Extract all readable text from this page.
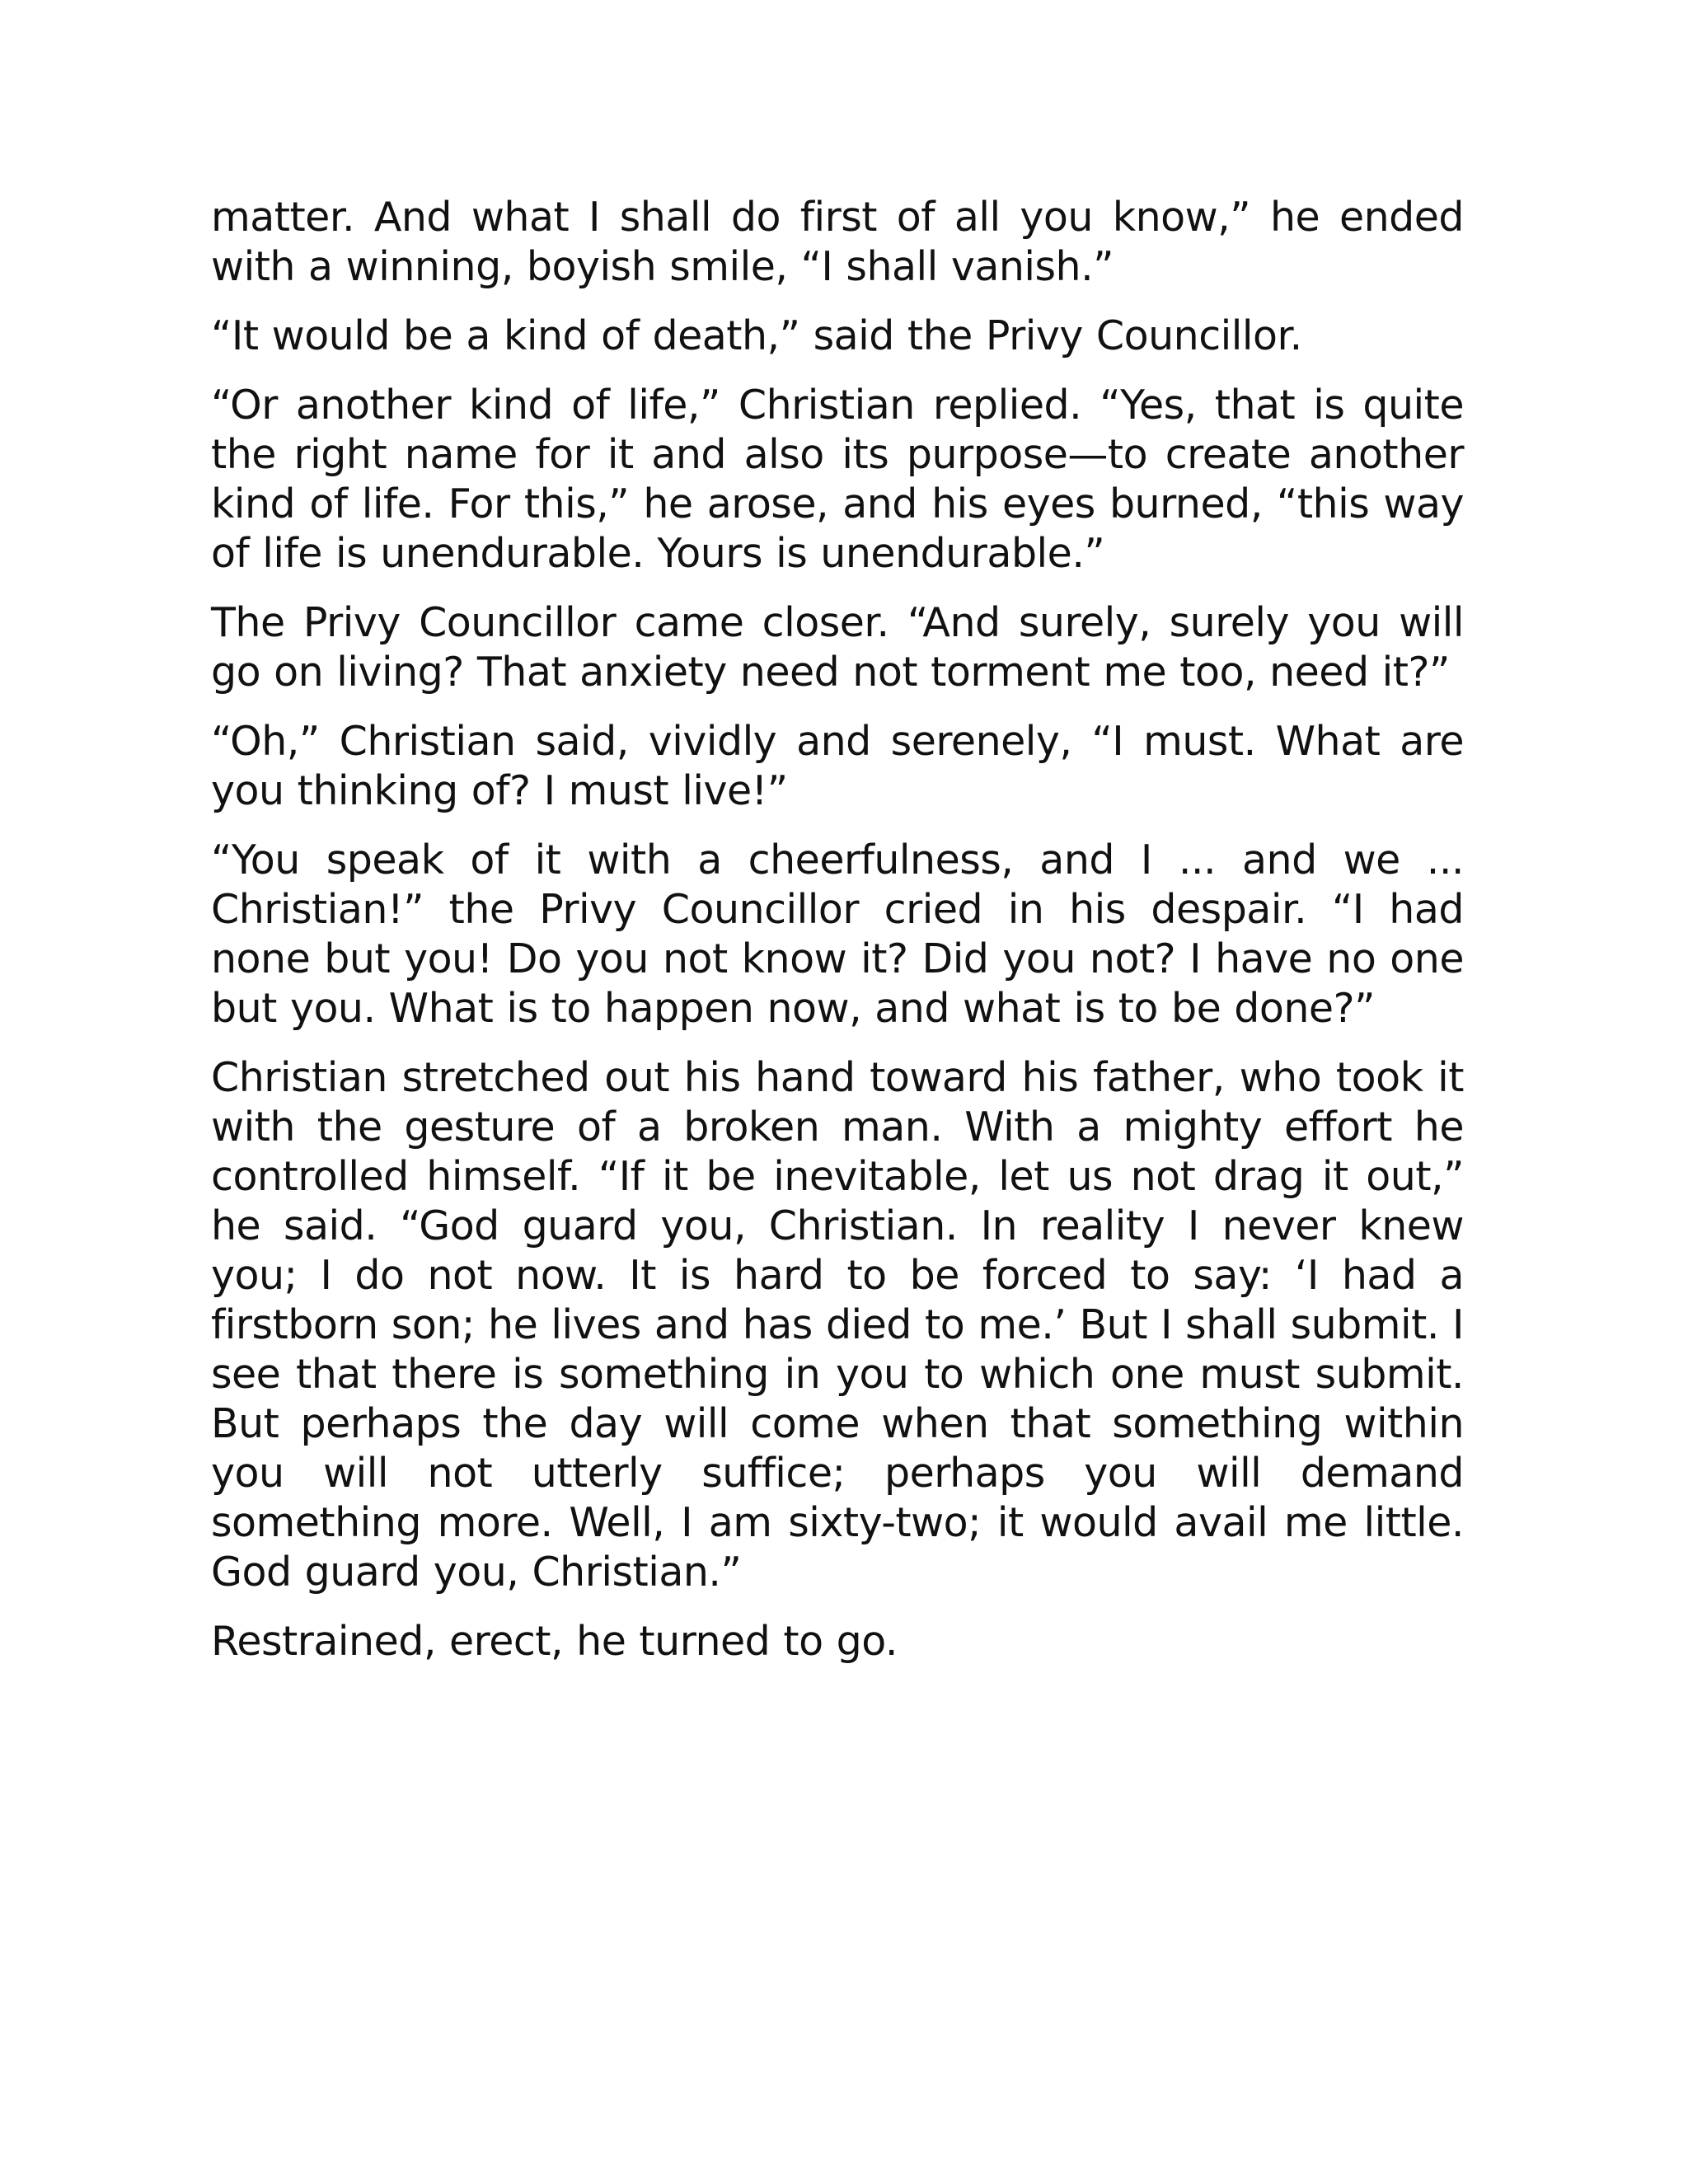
matter. And what I shall do first of all you know,” he ended with a winning, boyish smile, “I shall vanish.”

“It would be a kind of death,” said the Privy Councillor.

“Or another kind of life,” Christian replied. “Yes, that is quite the right name for it and also its purpose—to create another kind of life. For this,” he arose, and his eyes burned, “this way of life is unendurable. Yours is unendurable.”

The Privy Councillor came closer. “And surely, surely you will go on living? That anxiety need not torment me too, need it?”

“Oh,” Christian said, vividly and serenely, “I must. What are you thinking of? I must live!”

“You speak of it with a cheerfulness, and I ... and we ... Christian!” the Privy Councillor cried in his despair. “I had none but you! Do you not know it? Did you not? I have no one but you. What is to happen now, and what is to be done?”

Christian stretched out his hand toward his father, who took it with the gesture of a broken man. With a mighty effort he controlled himself. “If it be inevitable, let us not drag it out,” he said. “God guard you, Christian. In reality I never knew you; I do not now. It is hard to be forced to say: ‘I had a firstborn son; he lives and has died to me.’ But I shall submit. I see that there is something in you to which one must submit. But perhaps the day will come when that something within you will not utterly suffice; perhaps you will demand something more. Well, I am sixty-two; it would avail me little. God guard you, Christian.”

Restrained, erect, he turned to go.
